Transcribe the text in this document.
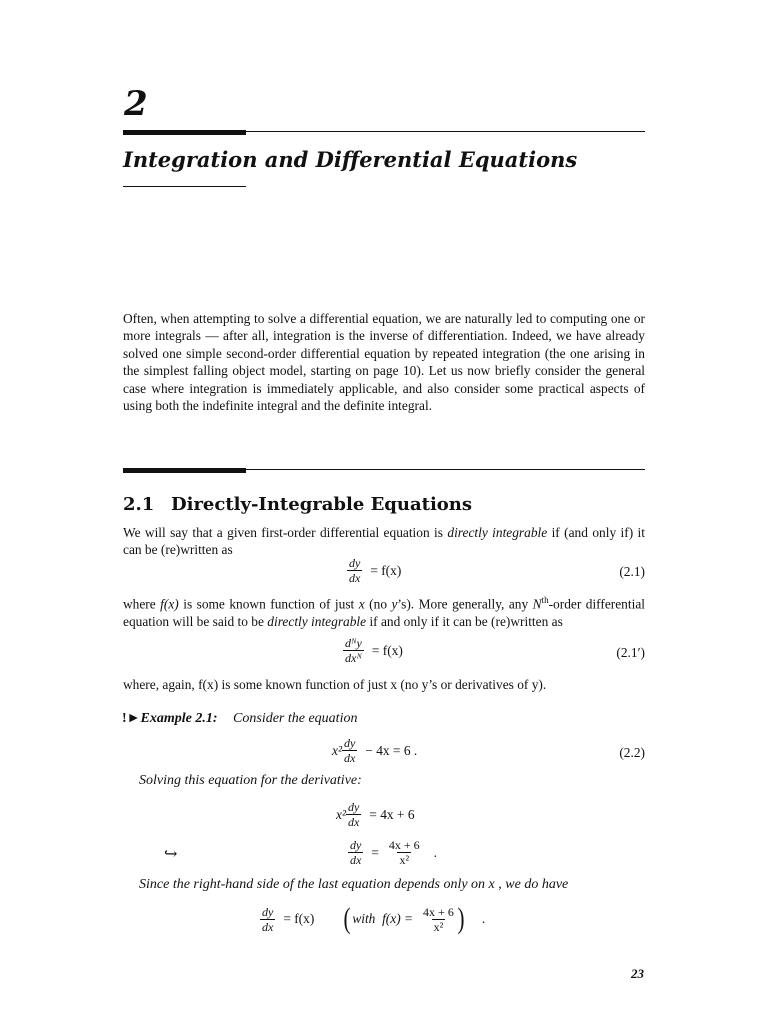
2
Integration and Differential Equations
Often, when attempting to solve a differential equation, we are naturally led to computing one or more integrals — after all, integration is the inverse of differentiation. Indeed, we have already solved one simple second-order differential equation by repeated integration (the one arising in the simplest falling object model, starting on page 10). Let us now briefly consider the general case where integration is immediately applicable, and also consider some practical aspects of using both the indefinite integral and the definite integral.
2.1 Directly-Integrable Equations
We will say that a given first-order differential equation is directly integrable if (and only if) it can be (re)written as
$\frac{dy}{dx} = f(x)$	(2.1)
where f(x) is some known function of just x (no y’s). More generally, any $N^{th}$-order differential equation will be said to be directly integrable if and only if it can be (re)written as
$\frac{\text{dᴺy}}{\text{dxᴺ}} = f(x)$	(2.1′)
where, again, f(x) is some known function of just x (no y’s or derivatives of y).
!►Example 2.1: Consider the equation
$x^2 \frac{dy}{dx} - 4x = 6$ .	(2.2)
Solving this equation for the derivative:
$x^2 \frac{dy}{dx} = 4x + 6$
↪	$\frac{dy}{dx} = \frac{4x + 6}{\text{x²}}$ .
Since the right-hand side of the last equation depends only on x , we do have
$\frac{dy}{dx} = f(x)$ ( with  $f(x) = \frac{4x + 6}{\text{x²}}$ ) .
23
